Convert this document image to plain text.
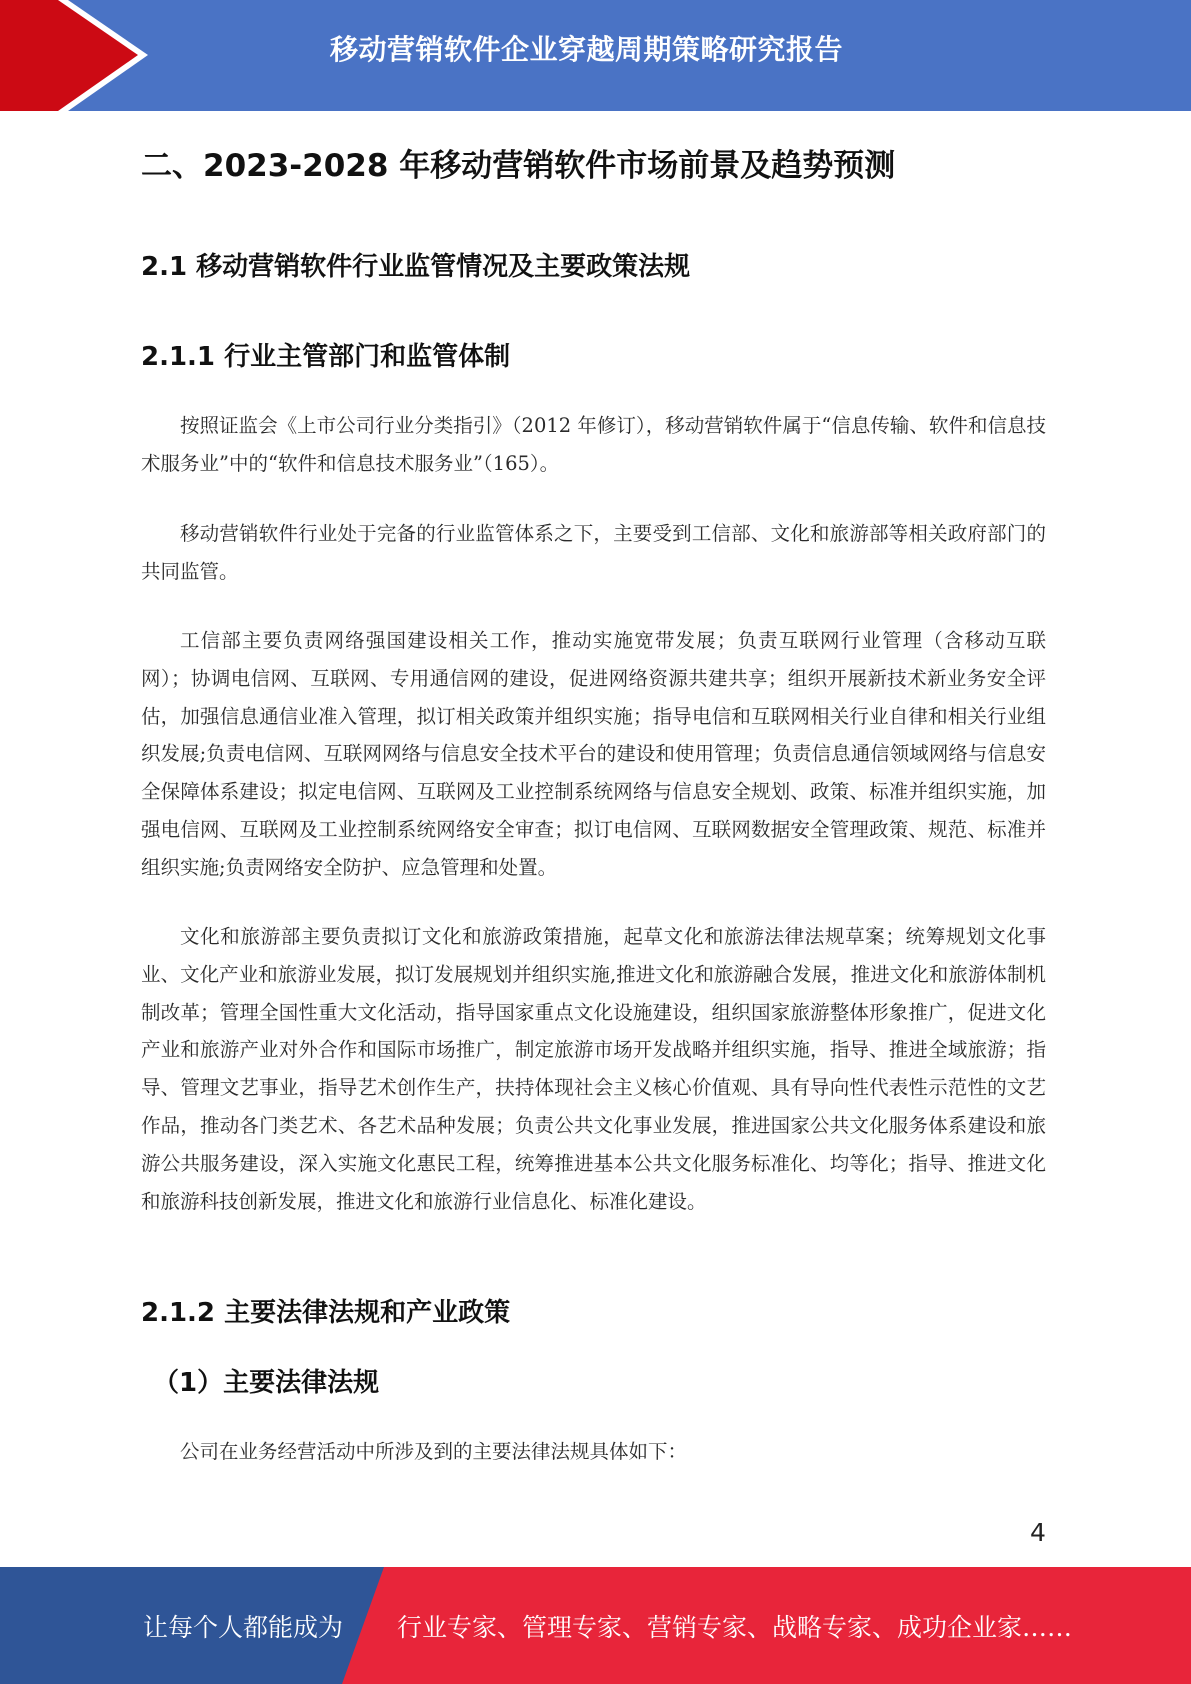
移动营销软件企业穿越周期策略研究报告
二、2023-2028 年移动营销软件市场前景及趋势预测
2.1 移动营销软件行业监管情况及主要政策法规
2.1.1 行业主管部门和监管体制

按照证监会《上市公司行业分类指引》（2012 年修订），移动营销软件属于“信息传输、软件和信息技术服务业”中的“软件和信息技术服务业”（165）。

移动营销软件行业处于完备的行业监管体系之下，主要受到工信部、文化和旅游部等相关政府部门的共同监管。

工信部主要负责网络强国建设相关工作，推动实施宽带发展；负责互联网行业管理（含移动互联网）；协调电信网、互联网、专用通信网的建设，促进网络资源共建共享；组织开展新技术新业务安全评估，加强信息通信业准入管理，拟订相关政策并组织实施；指导电信和互联网相关行业自律和相关行业组织发展;负责电信网、互联网网络与信息安全技术平台的建设和使用管理；负责信息通信领域网络与信息安全保障体系建设；拟定电信网、互联网及工业控制系统网络与信息安全规划、政策、标准并组织实施，加强电信网、互联网及工业控制系统网络安全审查；拟订电信网、互联网数据安全管理政策、规范、标准并组织实施;负责网络安全防护、应急管理和处置。

文化和旅游部主要负责拟订文化和旅游政策措施，起草文化和旅游法律法规草案；统筹规划文化事业、文化产业和旅游业发展，拟订发展规划并组织实施,推进文化和旅游融合发展，推进文化和旅游体制机制改革；管理全国性重大文化活动，指导国家重点文化设施建设，组织国家旅游整体形象推广，促进文化产业和旅游产业对外合作和国际市场推广，制定旅游市场开发战略并组织实施，指导、推进全域旅游；指导、管理文艺事业，指导艺术创作生产，扶持体现社会主义核心价值观、具有导向性代表性示范性的文艺作品，推动各门类艺术、各艺术品种发展；负责公共文化事业发展，推进国家公共文化服务体系建设和旅游公共服务建设，深入实施文化惠民工程，统筹推进基本公共文化服务标准化、均等化；指导、推进文化和旅游科技创新发展，推进文化和旅游行业信息化、标准化建设。

2.1.2 主要法律法规和产业政策
（1）主要法律法规

公司在业务经营活动中所涉及到的主要法律法规具体如下：

4
让每个人都能成为 行业专家、管理专家、营销专家、战略专家、成功企业家……
